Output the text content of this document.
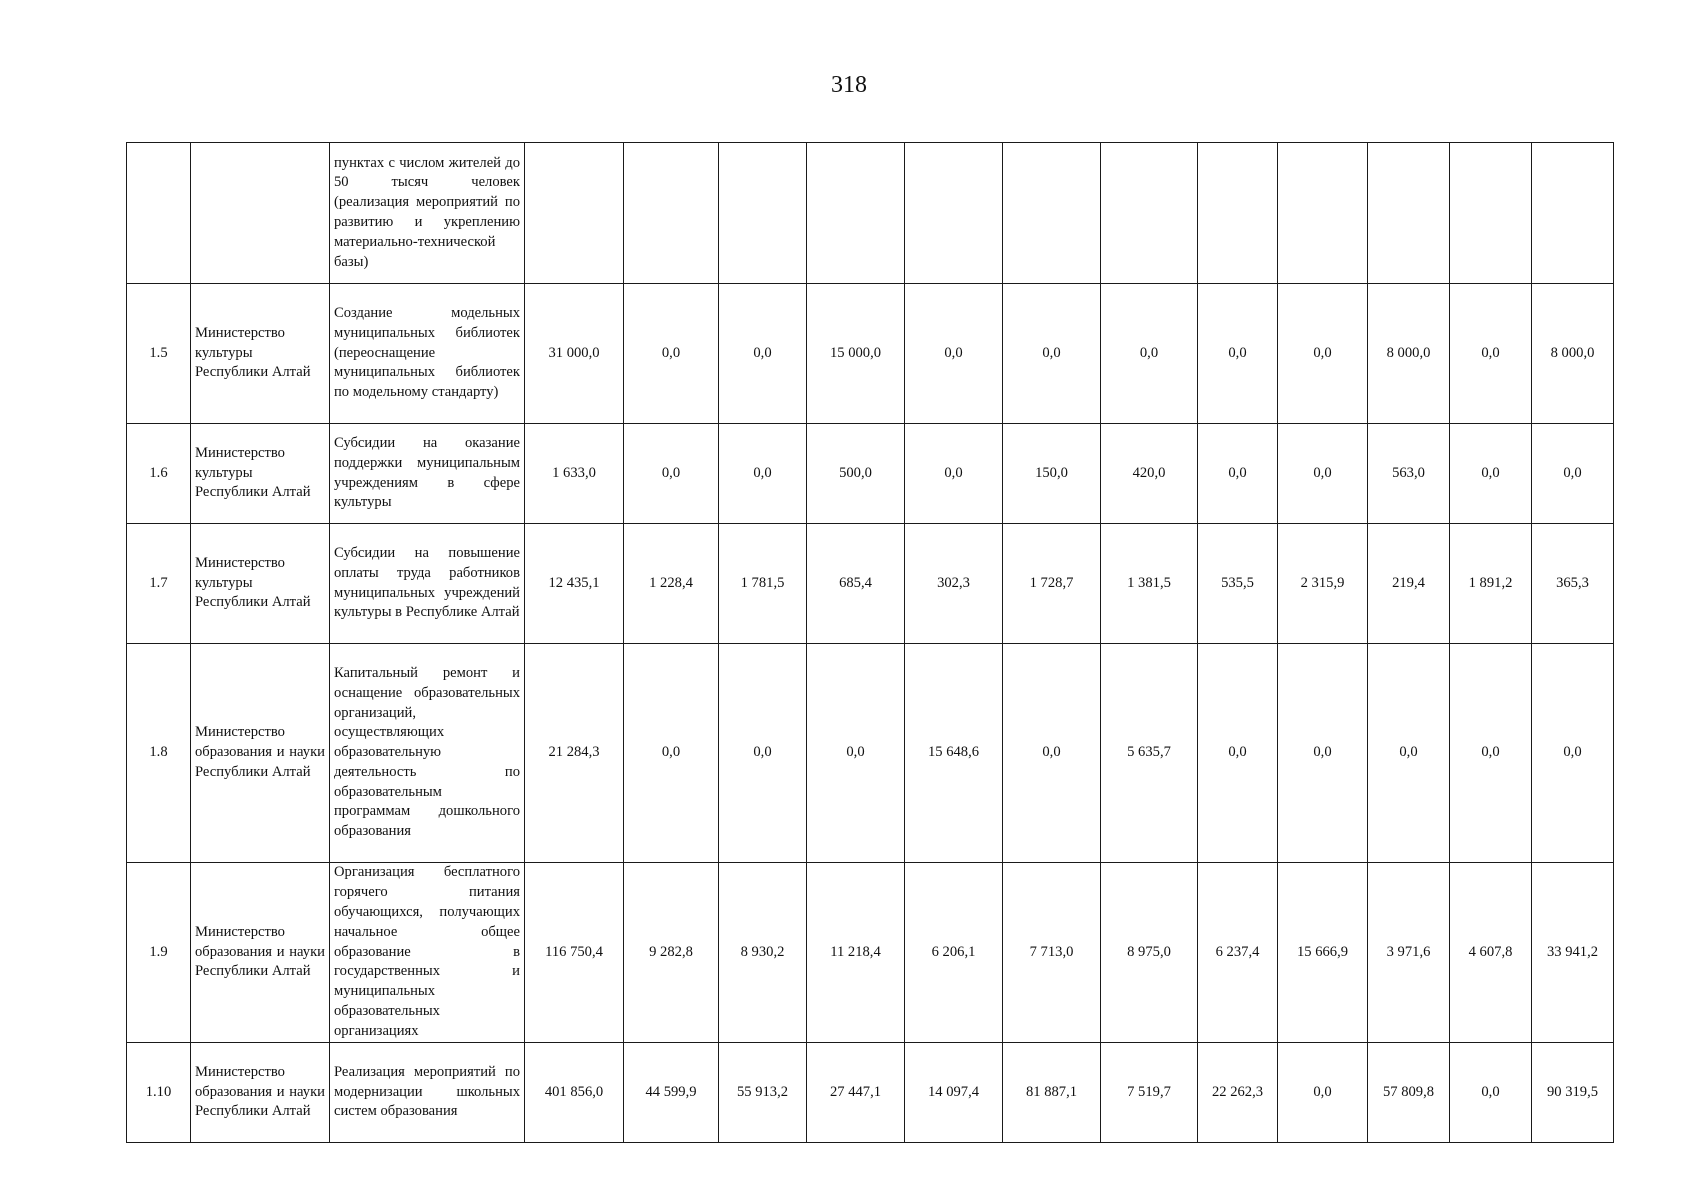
318
		пунктах с числом жителей до 50 тысяч человек (реализация мероприятий по развитию и укреплению материально-технической базы)												
1.5	Министерство культуры Республики Алтай	Создание модельных муниципальных библиотек (переоснащение муниципальных библиотек по модельному стандарту)	31 000,0	0,0	0,0	15 000,0	0,0	0,0	0,0	0,0	0,0	8 000,0	0,0	8 000,0
1.6	Министерство культуры Республики Алтай	Субсидии на оказание поддержки муниципальным учреждениям в сфере культуры	1 633,0	0,0	0,0	500,0	0,0	150,0	420,0	0,0	0,0	563,0	0,0	0,0
1.7	Министерство культуры Республики Алтай	Субсидии на повышение оплаты труда работников муниципальных учреждений культуры в Республике Алтай	12 435,1	1 228,4	1 781,5	685,4	302,3	1 728,7	1 381,5	535,5	2 315,9	219,4	1 891,2	365,3
1.8	Министерство образования и науки Республики Алтай	Капитальный ремонт и оснащение образовательных организаций, осуществляющих образовательную деятельность по образовательным программам дошкольного образования	21 284,3	0,0	0,0	0,0	15 648,6	0,0	5 635,7	0,0	0,0	0,0	0,0	0,0
1.9	Министерство образования и науки Республики Алтай	Организация бесплатного горячего питания обучающихся, получающих начальное общее образование в государственных и муниципальных образовательных организациях	116 750,4	9 282,8	8 930,2	11 218,4	6 206,1	7 713,0	8 975,0	6 237,4	15 666,9	3 971,6	4 607,8	33 941,2
1.10	Министерство образования и науки Республики Алтай	Реализация мероприятий по модернизации школьных систем образования	401 856,0	44 599,9	55 913,2	27 447,1	14 097,4	81 887,1	7 519,7	22 262,3	0,0	57 809,8	0,0	90 319,5
